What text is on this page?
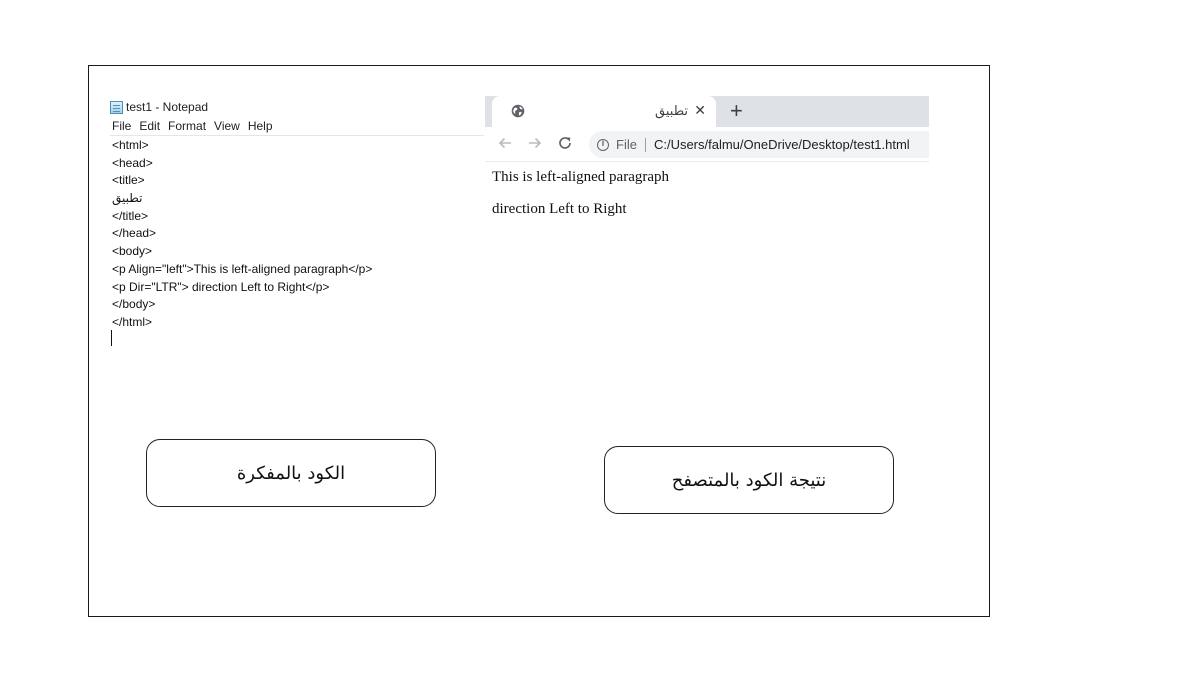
test1 - Notepad
File Edit Format View Help
<html>
<head>
<title>
تطبيق
</title>
</head>
<body>
<p Align="left">This is left-aligned paragraph</p>
<p Dir="LTR"> direction Left to Right</p>
</body>
</html>
تطبيق ✕ +
i
File C:/Users/falmu/OneDrive/Desktop/test1.html
This is left-aligned paragraph
direction Left to Right
الكود بالمفكرة	نتيجة الكود بالمتصفح
